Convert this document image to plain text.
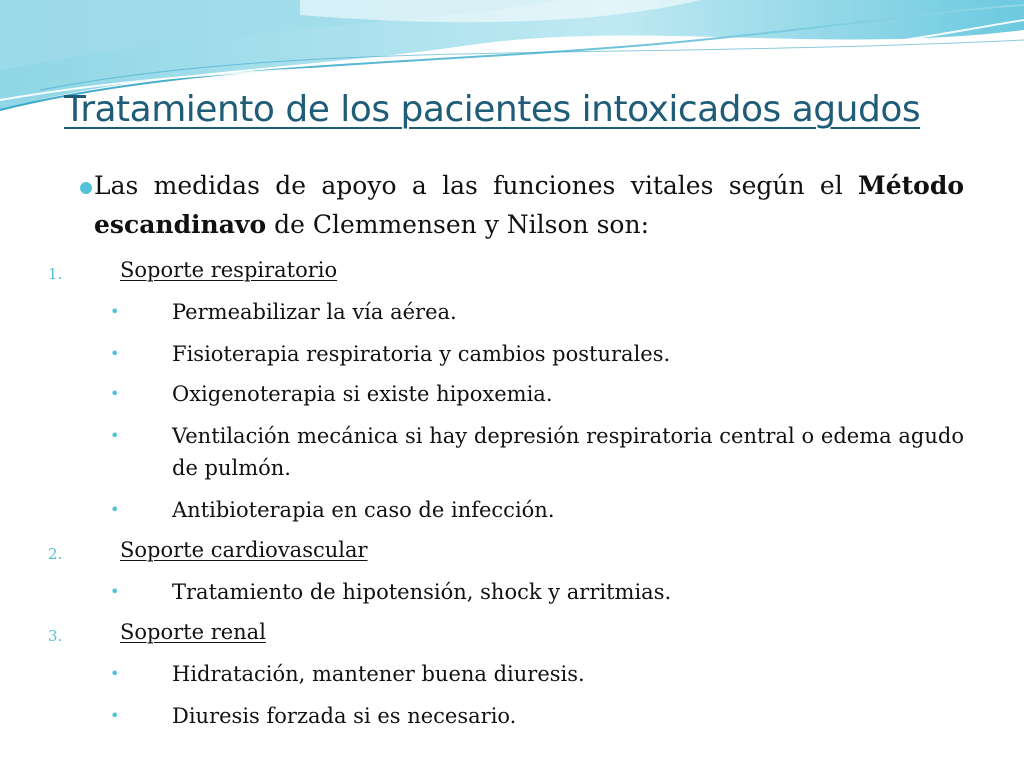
Tratamiento de los pacientes intoxicados agudos
Las medidas de apoyo a las funciones vitales según el Método escandinavo de Clemmensen y Nilson son:
1.	Soporte respiratorio
•	Permeabilizar la vía aérea.
•	Fisioterapia respiratoria y cambios posturales.
•	Oxigenoterapia si existe hipoxemia.
•	Ventilación mecánica si hay depresión respiratoria central o edema agudo de pulmón.
•	Antibioterapia en caso de infección.
2.	Soporte cardiovascular
•	Tratamiento de hipotensión, shock y arritmias.
3.	Soporte renal
•	Hidratación, mantener buena diuresis.
•	Diuresis forzada si es necesario.
